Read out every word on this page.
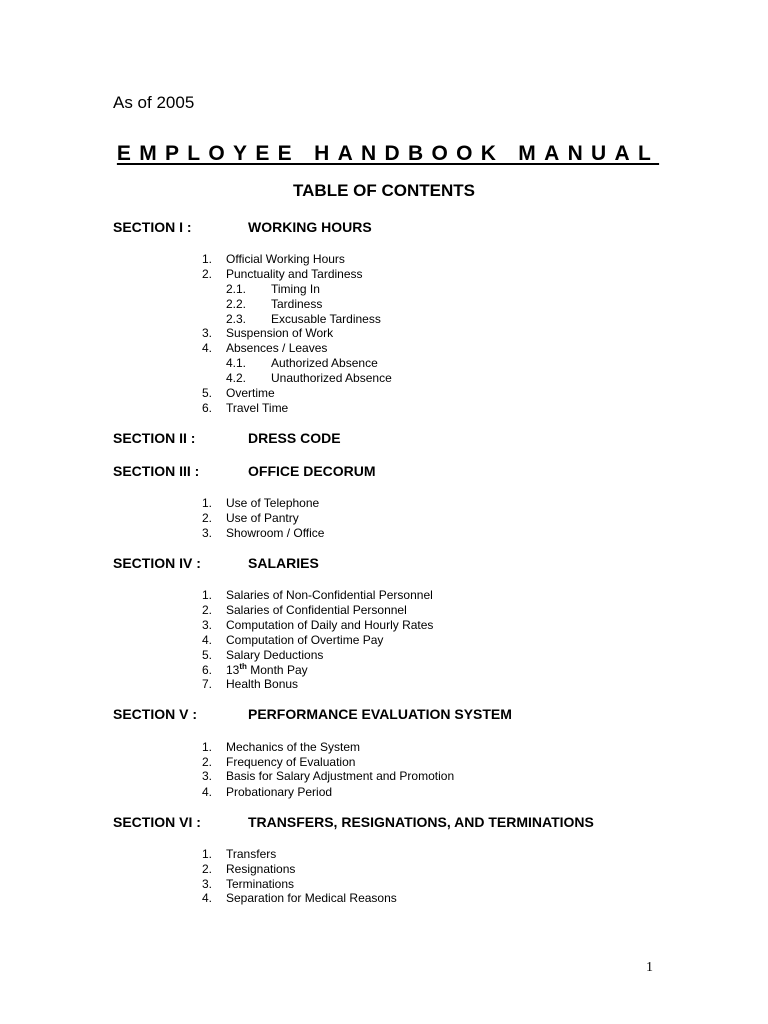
As of 2005
EMPLOYEE HANDBOOK MANUAL
TABLE OF CONTENTS
SECTION I :	WORKING HOURS
1. Official Working Hours
2. Punctuality and Tardiness
2.1. Timing In
2.2. Tardiness
2.3. Excusable Tardiness
3. Suspension of Work
4. Absences / Leaves
4.1. Authorized Absence
4.2. Unauthorized Absence
5. Overtime
6. Travel Time
SECTION II :	DRESS CODE
SECTION III :	OFFICE DECORUM
1. Use of Telephone
2. Use of Pantry
3. Showroom / Office
SECTION IV :	SALARIES
1. Salaries of Non-Confidential Personnel
2. Salaries of Confidential Personnel
3. Computation of Daily and Hourly Rates
4. Computation of Overtime Pay
5. Salary Deductions
6. 13th Month Pay
7. Health Bonus
SECTION V :	PERFORMANCE EVALUATION SYSTEM
1. Mechanics of the System
2. Frequency of Evaluation
3. Basis for Salary Adjustment and Promotion
4. Probationary Period
SECTION VI :	TRANSFERS, RESIGNATIONS, AND TERMINATIONS
1. Transfers
2. Resignations
3. Terminations
4. Separation for Medical Reasons
1
